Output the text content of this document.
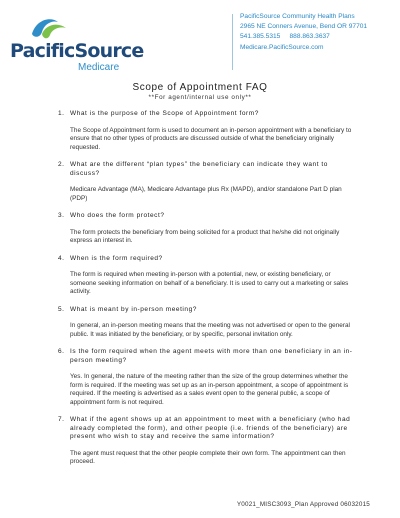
PacificSource
Medicare
PacificSource Community Health Plans
2965 NE Conners Avenue, Bend OR 97701
541.385.5315     888.863.3637
Medicare.PacificSource.com
Scope of Appointment FAQ
**For agent/internal use only**
1. What is the purpose of the Scope of Appointment form?
The Scope of Appointment form is used to document an in-person appointment with a beneficiary to ensure that no other types of products are discussed outside of what the beneficiary originally requested.
2. What are the different “plan types” the beneficiary can indicate they want to discuss?
Medicare Advantage (MA), Medicare Advantage plus Rx (MAPD), and/or standalone Part D plan (PDP)
3. Who does the form protect?
The form protects the beneficiary from being solicited for a product that he/she did not originally express an interest in.
4. When is the form required?
The form is required when meeting in-person with a potential, new, or existing beneficiary, or someone seeking information on behalf of a beneficiary. It is used to carry out a marketing or sales activity.
5. What is meant by in-person meeting?
In general, an in-person meeting means that the meeting was not advertised or open to the general public. It was initiated by the beneficiary, or by specific, personal invitation only.
6. Is the form required when the agent meets with more than one beneficiary in an in-person meeting?
Yes. In general, the nature of the meeting rather than the size of the group determines whether the form is required. If the meeting was set up as an in-person appointment, a scope of appointment is required. If the meeting is advertised as a sales event open to the general public, a scope of appointment form is not required.
7. What if the agent shows up at an appointment to meet with a beneficiary (who had already completed the form), and other people (i.e. friends of the beneficiary) are present who wish to stay and receive the same information?
The agent must request that the other people complete their own form. The appointment can then proceed.
Y0021_MISC3093_Plan Approved 06032015
